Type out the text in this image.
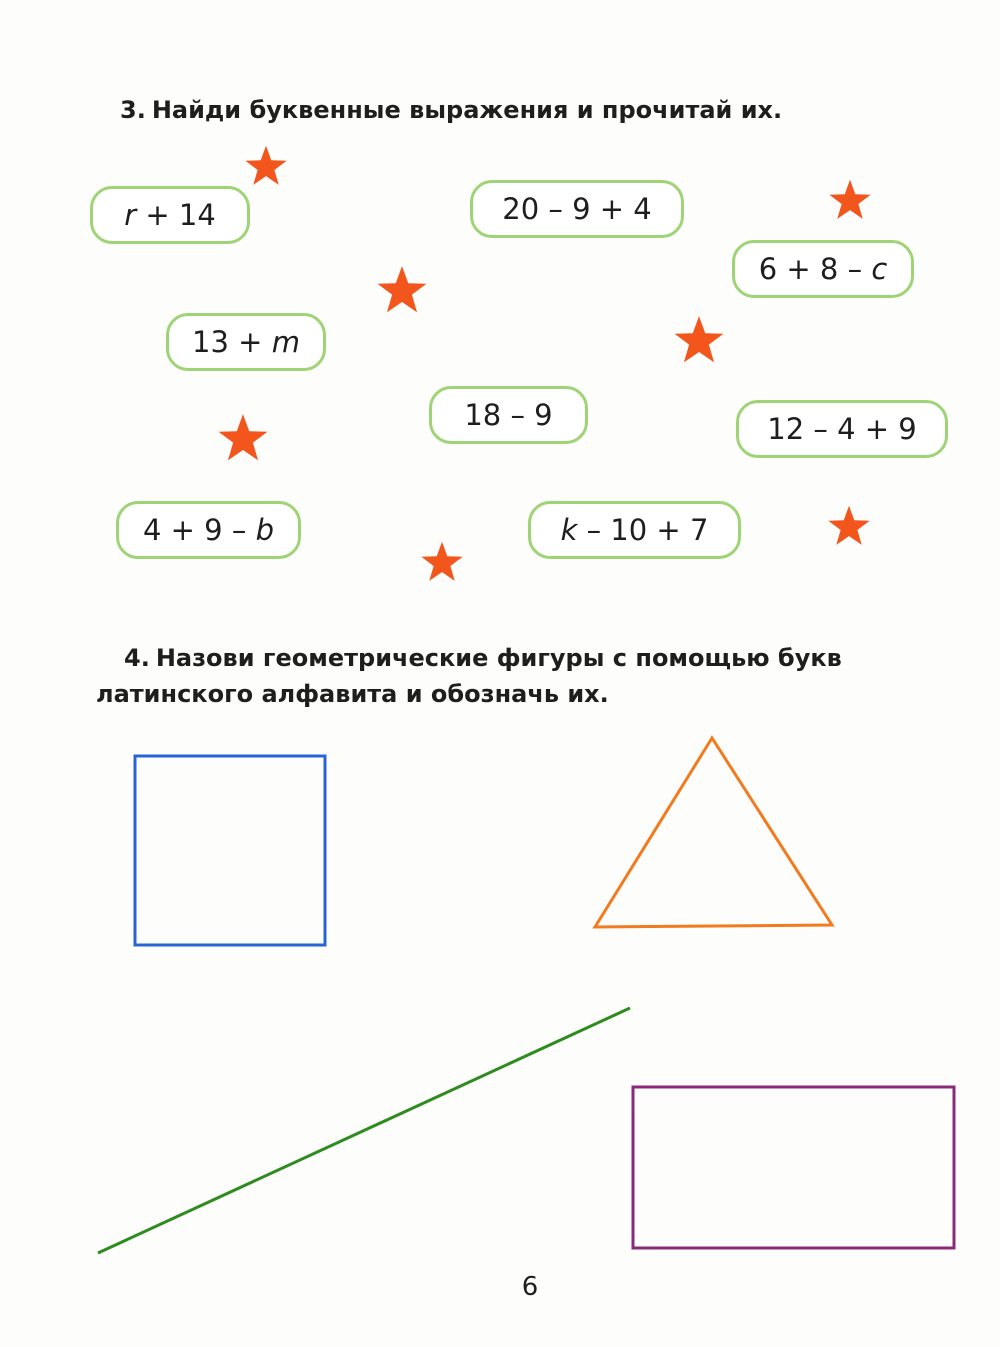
3. Найди буквенные выражения и прочитай их.

r + 14	20 – 9 + 4
6 + 8 – c
13 + m
18 – 9	12 – 4 + 9
4 + 9 – b	k – 10 + 7

4. Назови геометрические фигуры с помощью букв латинского алфавита и обозначь их.

6
